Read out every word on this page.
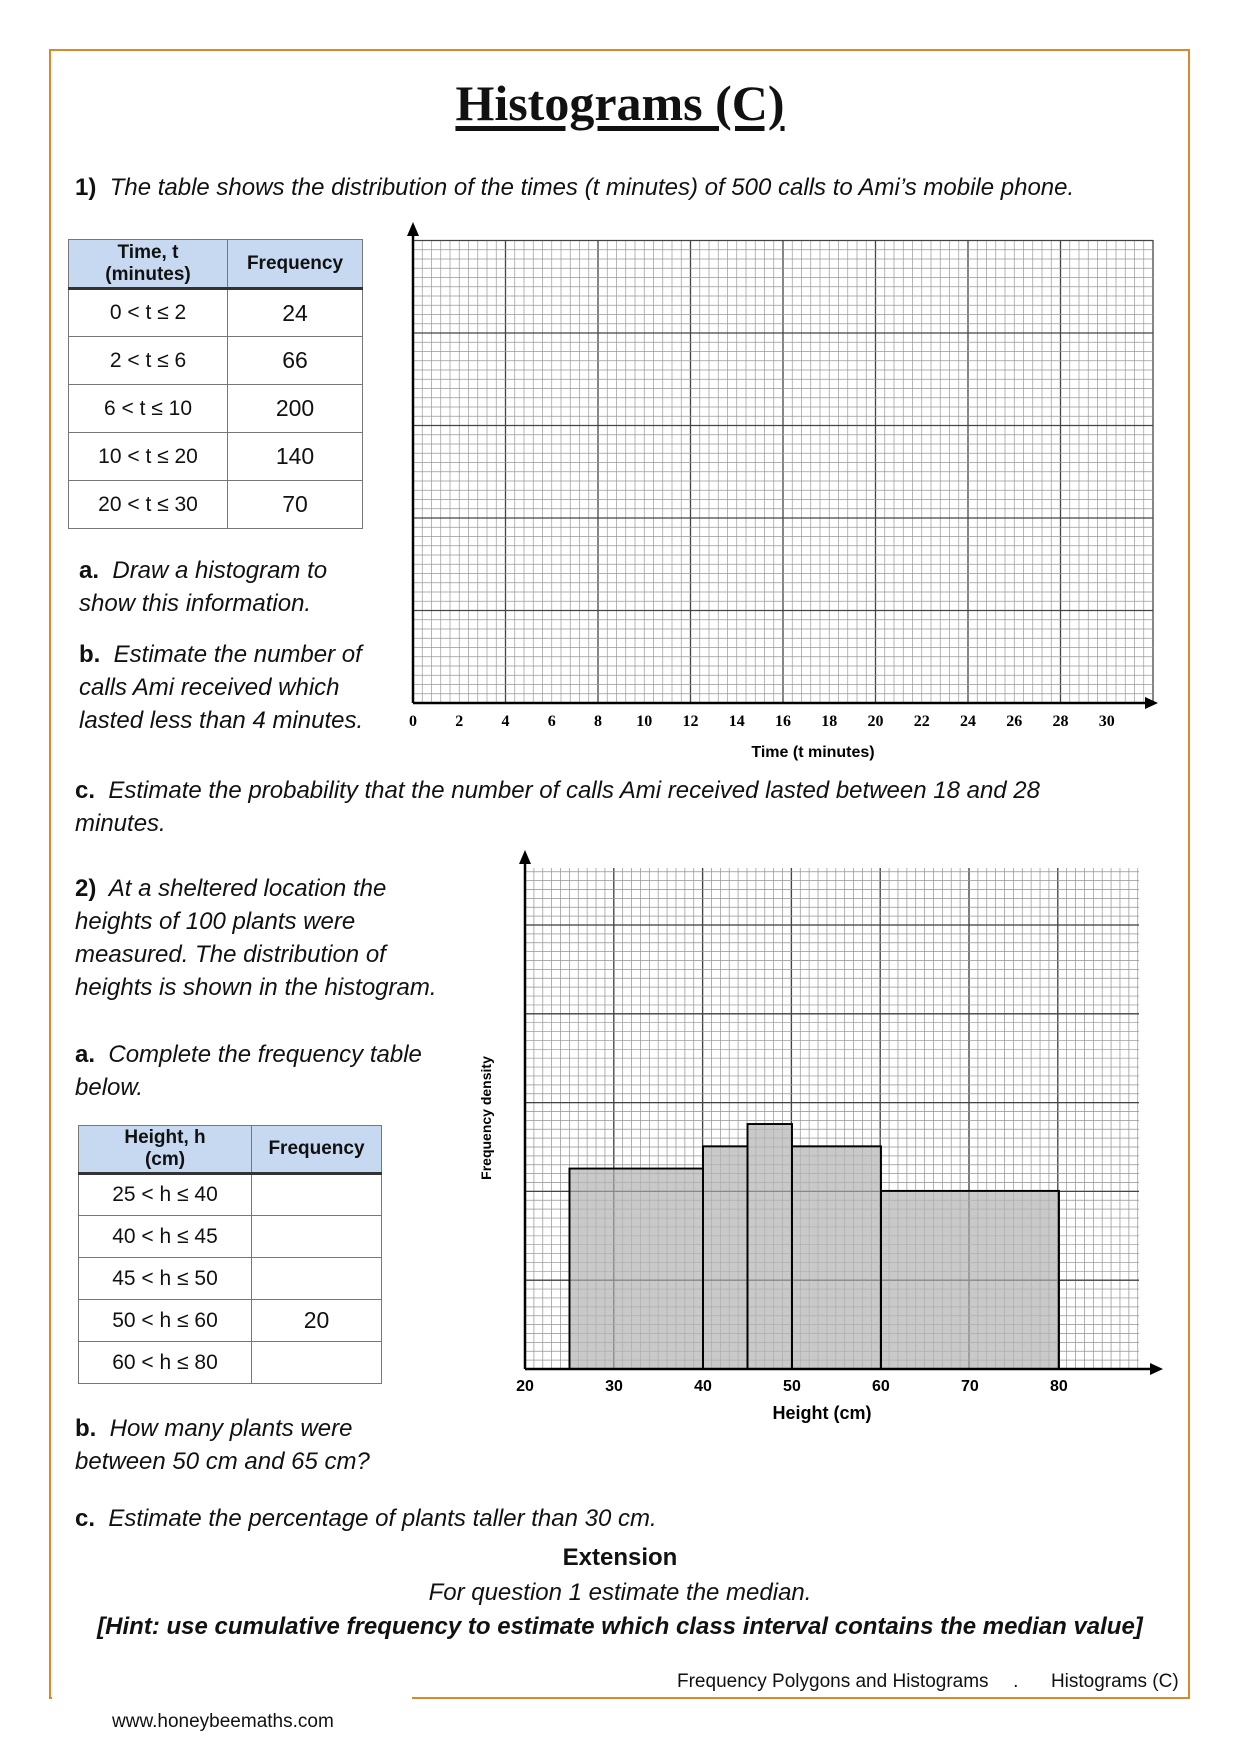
Histograms (C)
1) The table shows the distribution of the times (t minutes) of 500 calls to Ami’s mobile phone.
Time, t
(minutes)	Frequency
0 < t ≤ 2	24
2 < t ≤ 6	66
6 < t ≤ 10	200
10 < t ≤ 20	140
20 < t ≤ 30	70
a. Draw a histogram to
show this information.
b. Estimate the number of
calls Ami received which
lasted less than 4 minutes.
c. Estimate the probability that the number of calls Ami received lasted between 18 and 28
minutes.
2) At a sheltered location the
heights of 100 plants were
measured. The distribution of
heights is shown in the histogram.
a. Complete the frequency table
below.
Height, h
(cm)	Frequency
25 < h ≤ 40	
40 < h ≤ 45	
45 < h ≤ 50	
50 < h ≤ 60	20
60 < h ≤ 80	
b. How many plants were
between 50 cm and 65 cm?
c. Estimate the percentage of plants taller than 30 cm.
Extension
For question 1 estimate the median.
[Hint: use cumulative frequency to estimate which class interval contains the median value]
Frequency Polygons and Histograms . Histograms (C)
www.honeybeemaths.com
0 2 4 6 8 10 12 14 16 18 20 22 24 26 28 30
Time (t minutes)
20	30	40	50	60	70	80
Height (cm)
Frequency density
